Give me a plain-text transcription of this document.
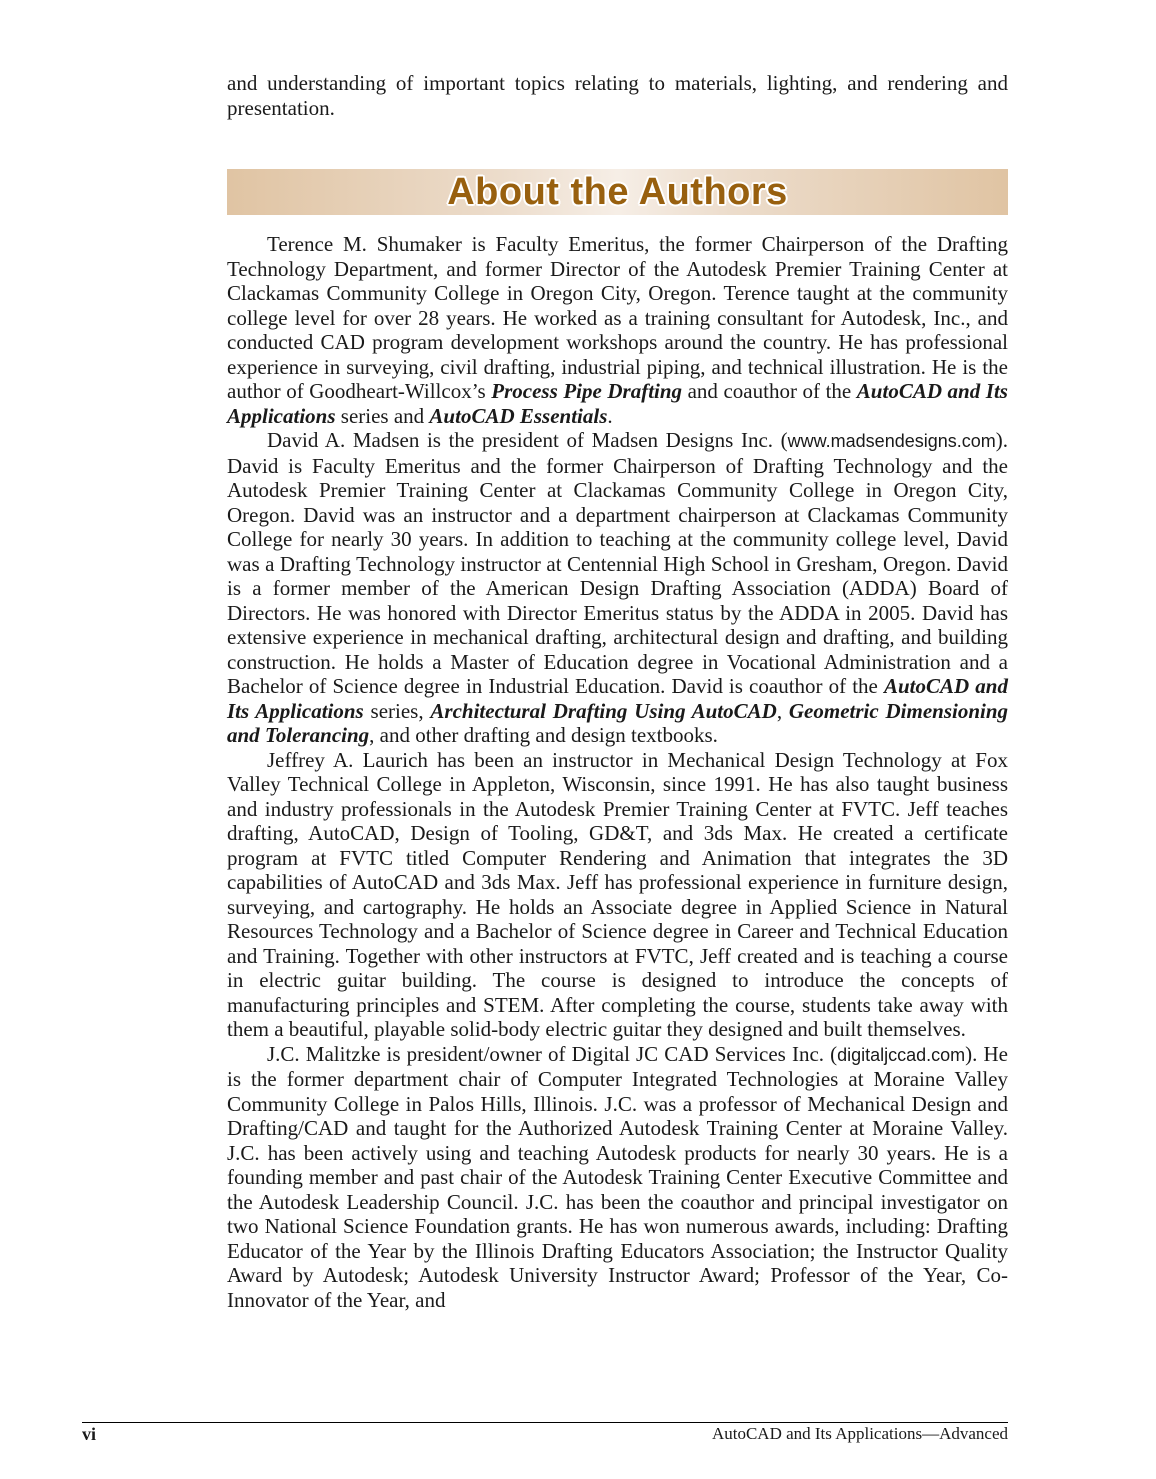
and understanding of important topics relating to materials, lighting, and rendering and presentation.

About the Authors

Terence M. Shumaker is Faculty Emeritus, the former Chairperson of the Drafting Technology Department, and former Director of the Autodesk Premier Training Center at Clackamas Community College in Oregon City, Oregon. Terence taught at the community college level for over 28 years. He worked as a training consultant for Autodesk, Inc., and conducted CAD program development workshops around the country. He has professional experience in surveying, civil drafting, industrial piping, and technical illustration. He is the author of Goodheart-Willcox’s Process Pipe Drafting and coauthor of the AutoCAD and Its Applications series and AutoCAD Essentials.

David A. Madsen is the president of Madsen Designs Inc. (www.madsendesigns.com). David is Faculty Emeritus and the former Chairperson of Drafting Technology and the Autodesk Premier Training Center at Clackamas Community College in Oregon City, Oregon. David was an instructor and a department chairperson at Clackamas Community College for nearly 30 years. In addition to teaching at the community college level, David was a Drafting Technology instructor at Centennial High School in Gresham, Oregon. David is a former member of the American Design Drafting Association (ADDA) Board of Directors. He was honored with Director Emeritus status by the ADDA in 2005. David has extensive experience in mechanical drafting, architectural design and drafting, and building construction. He holds a Master of Education degree in Vocational Administration and a Bachelor of Science degree in Industrial Education. David is coauthor of the AutoCAD and Its Applications series, Architectural Drafting Using AutoCAD, Geometric Dimensioning and Tolerancing, and other drafting and design textbooks.

Jeffrey A. Laurich has been an instructor in Mechanical Design Technology at Fox Valley Technical College in Appleton, Wisconsin, since 1991. He has also taught business and industry professionals in the Autodesk Premier Training Center at FVTC. Jeff teaches drafting, AutoCAD, Design of Tooling, GD&T, and 3ds Max. He created a certificate program at FVTC titled Computer Rendering and Animation that integrates the 3D capabilities of AutoCAD and 3ds Max. Jeff has professional experience in furniture design, surveying, and cartography. He holds an Associate degree in Applied Science in Natural Resources Technology and a Bachelor of Science degree in Career and Technical Education and Training. Together with other instructors at FVTC, Jeff created and is teaching a course in electric guitar building. The course is designed to introduce the concepts of manufacturing principles and STEM. After completing the course, students take away with them a beautiful, playable solid-body electric guitar they designed and built themselves.

J.C. Malitzke is president/owner of Digital JC CAD Services Inc. (digitaljccad.com). He is the former department chair of Computer Integrated Technologies at Moraine Valley Community College in Palos Hills, Illinois. J.C. was a professor of Mechanical Design and Drafting/CAD and taught for the Authorized Autodesk Training Center at Moraine Valley. J.C. has been actively using and teaching Autodesk products for nearly 30 years. He is a founding member and past chair of the Autodesk Training Center Executive Committee and the Autodesk Leadership Council. J.C. has been the coauthor and principal investigator on two National Science Foundation grants. He has won numerous awards, including: Drafting Educator of the Year by the Illinois Drafting Educators Association; the Instructor Quality Award by Autodesk; Autodesk University Instructor Award; Professor of the Year, Co-Innovator of the Year, and

vi	AutoCAD and Its Applications—Advanced
